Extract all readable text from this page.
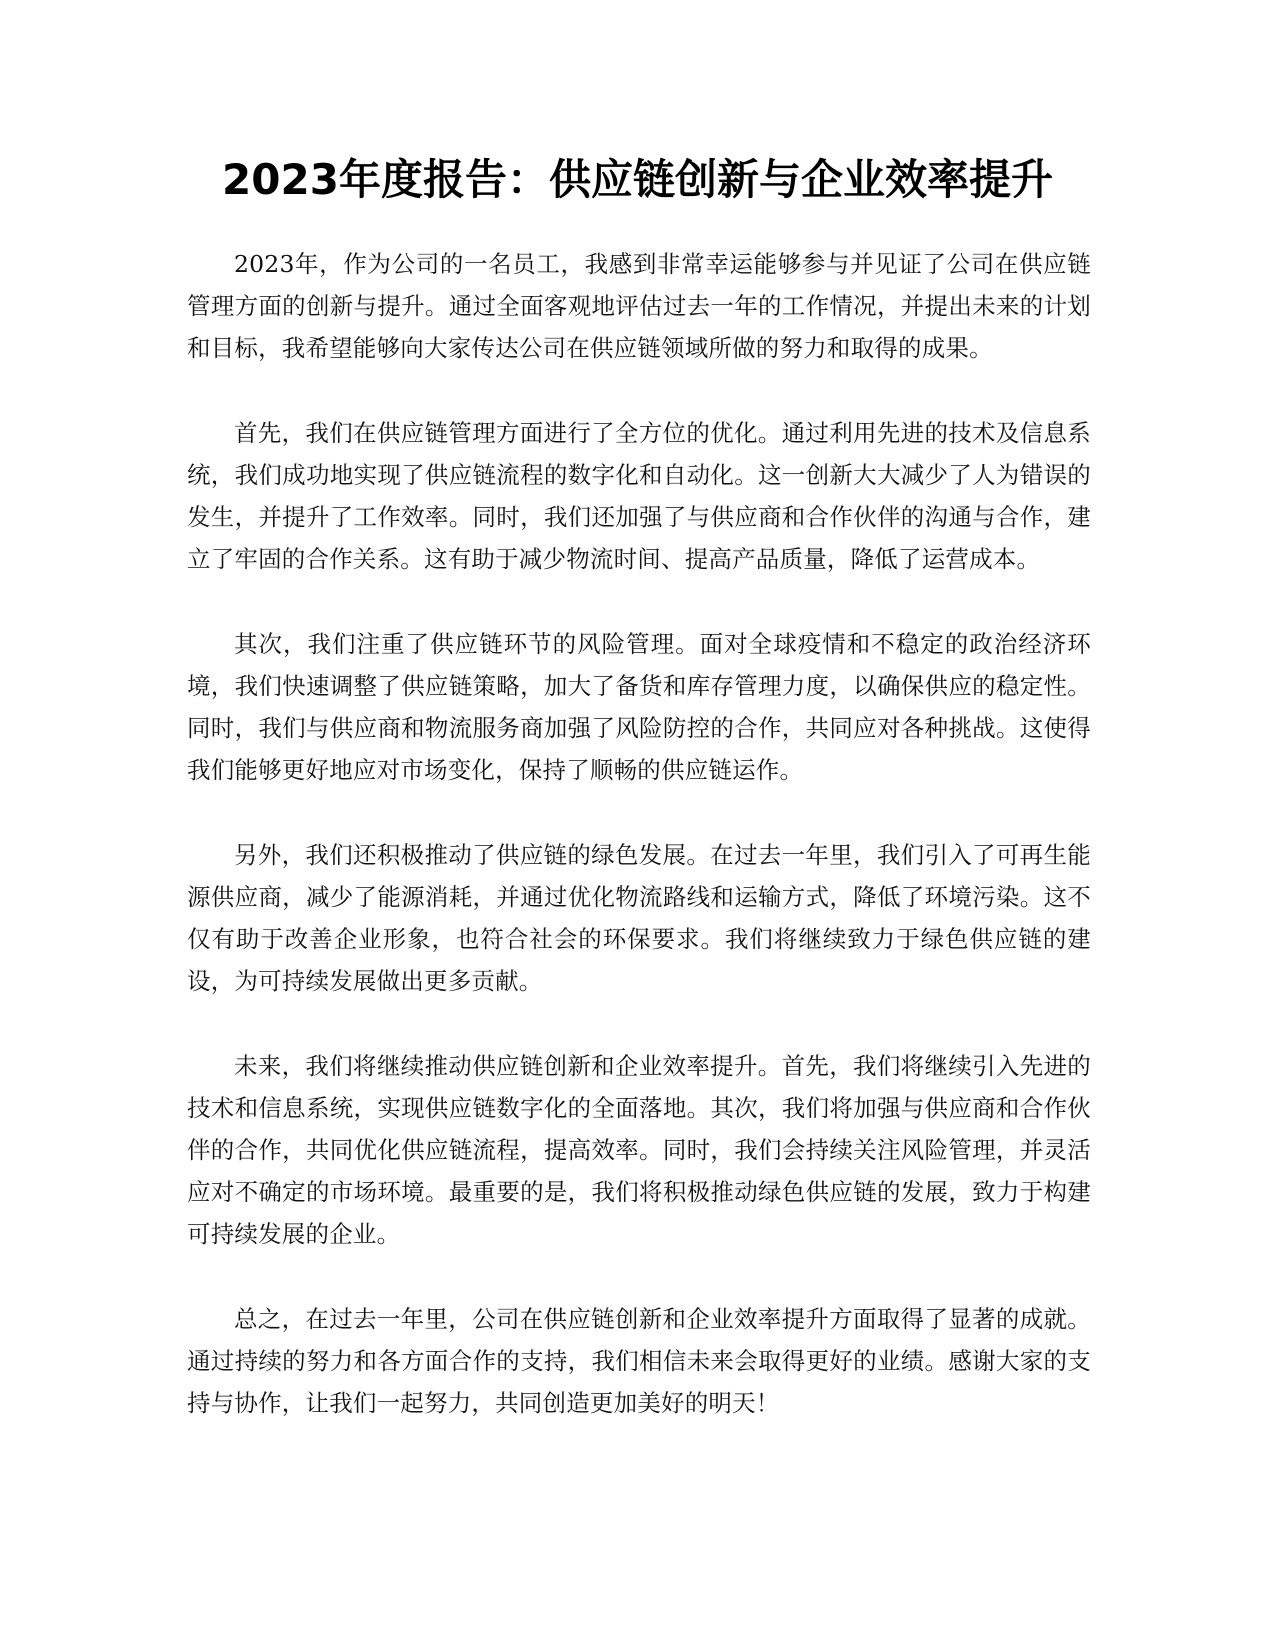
2023年度报告：供应链创新与企业效率提升

2023年，作为公司的一名员工，我感到非常幸运能够参与并见证了公司在供应链管理方面的创新与提升。通过全面客观地评估过去一年的工作情况，并提出未来的计划和目标，我希望能够向大家传达公司在供应链领域所做的努力和取得的成果。

首先，我们在供应链管理方面进行了全方位的优化。通过利用先进的技术及信息系统，我们成功地实现了供应链流程的数字化和自动化。这一创新大大减少了人为错误的发生，并提升了工作效率。同时，我们还加强了与供应商和合作伙伴的沟通与合作，建立了牢固的合作关系。这有助于减少物流时间、提高产品质量，降低了运营成本。

其次，我们注重了供应链环节的风险管理。面对全球疫情和不稳定的政治经济环境，我们快速调整了供应链策略，加大了备货和库存管理力度，以确保供应的稳定性。同时，我们与供应商和物流服务商加强了风险防控的合作，共同应对各种挑战。这使得我们能够更好地应对市场变化，保持了顺畅的供应链运作。

另外，我们还积极推动了供应链的绿色发展。在过去一年里，我们引入了可再生能源供应商，减少了能源消耗，并通过优化物流路线和运输方式，降低了环境污染。这不仅有助于改善企业形象，也符合社会的环保要求。我们将继续致力于绿色供应链的建设，为可持续发展做出更多贡献。

未来，我们将继续推动供应链创新和企业效率提升。首先，我们将继续引入先进的技术和信息系统，实现供应链数字化的全面落地。其次，我们将加强与供应商和合作伙伴的合作，共同优化供应链流程，提高效率。同时，我们会持续关注风险管理，并灵活应对不确定的市场环境。最重要的是，我们将积极推动绿色供应链的发展，致力于构建可持续发展的企业。

总之，在过去一年里，公司在供应链创新和企业效率提升方面取得了显著的成就。通过持续的努力和各方面合作的支持，我们相信未来会取得更好的业绩。感谢大家的支持与协作，让我们一起努力，共同创造更加美好的明天！
